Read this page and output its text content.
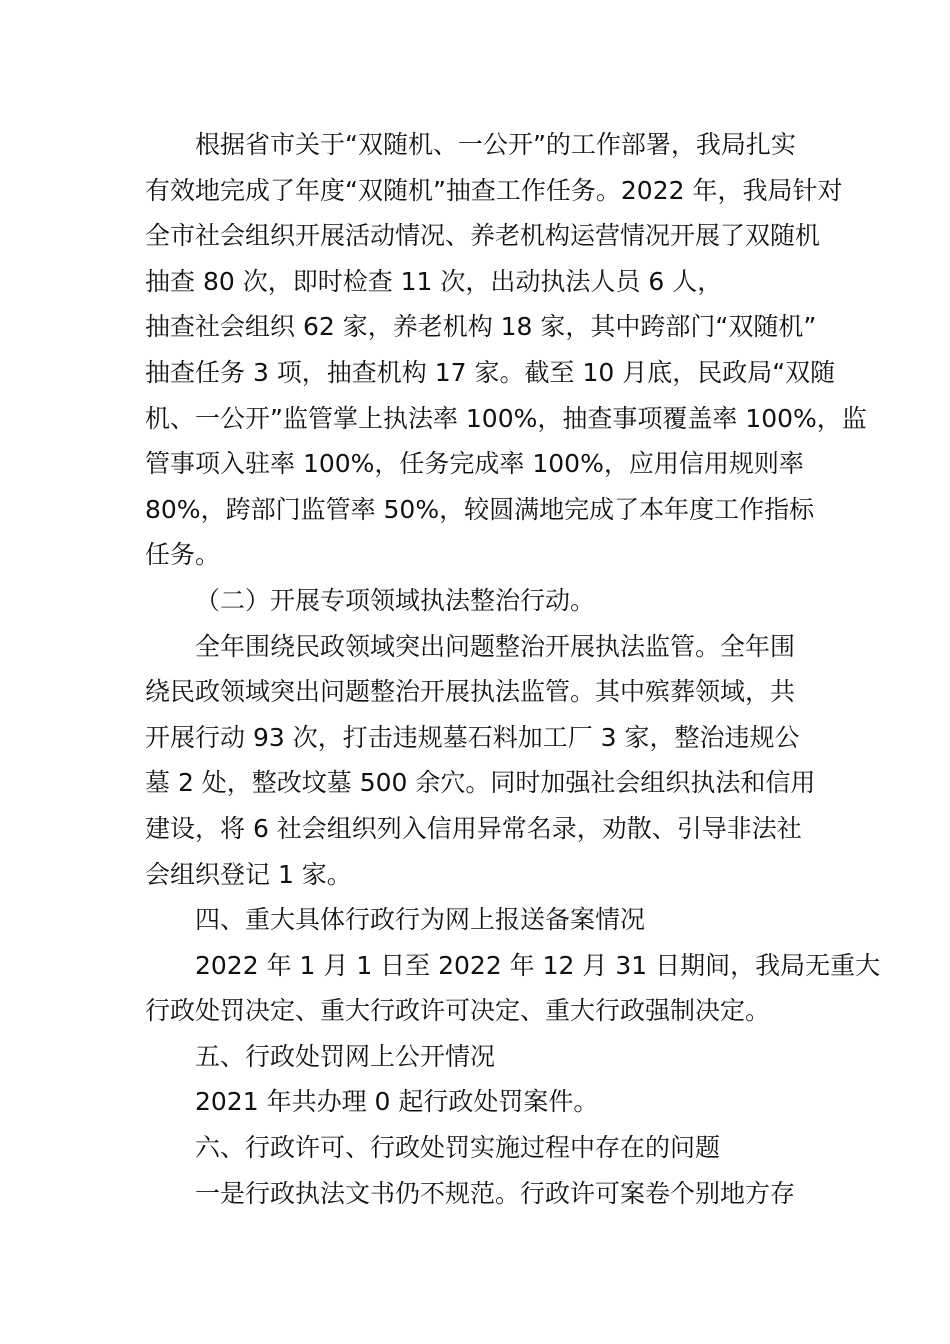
根据省市关于“双随机、一公开”的工作部署，我局扎实
有效地完成了年度“双随机”抽查工作任务。2022 年，我局针对
全市社会组织开展活动情况、养老机构运营情况开展了双随机
抽查 80 次，即时检查 11 次，出动执法人员 6 人，
抽查社会组织 62 家，养老机构 18 家，其中跨部门“双随机”
抽查任务 3 项，抽查机构 17 家。截至 10 月底，民政局“双随
机、一公开”监管掌上执法率 100%，抽查事项覆盖率 100%，监
管事项入驻率 100%，任务完成率 100%，应用信用规则率
80%，跨部门监管率 50%，较圆满地完成了本年度工作指标
任务。
（二）开展专项领域执法整治行动。
全年围绕民政领域突出问题整治开展执法监管。全年围
绕民政领域突出问题整治开展执法监管。其中殡葬领域，共
开展行动 93 次，打击违规墓石料加工厂 3 家，整治违规公
墓 2 处，整改坟墓 500 余穴。同时加强社会组织执法和信用
建设，将 6 社会组织列入信用异常名录，劝散、引导非法社
会组织登记 1 家。
四、重大具体行政行为网上报送备案情况
2022 年 1 月 1 日至 2022 年 12 月 31 日期间，我局无重大
行政处罚决定、重大行政许可决定、重大行政强制决定。
五、行政处罚网上公开情况
2021 年共办理 0 起行政处罚案件。
六、行政许可、行政处罚实施过程中存在的问题
一是行政执法文书仍不规范。行政许可案卷个别地方存
